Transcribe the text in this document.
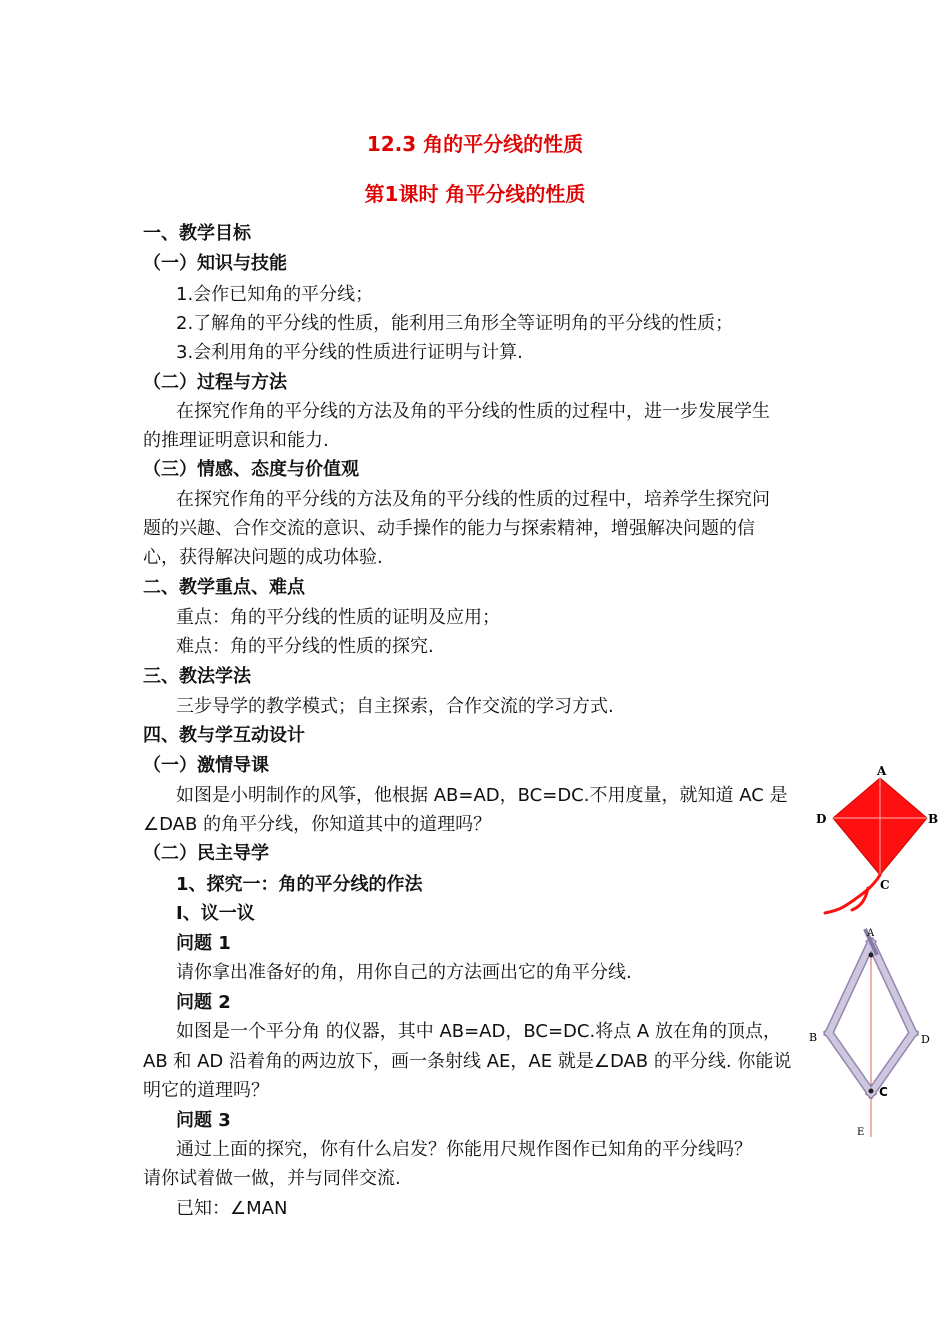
12.3 角的平分线的性质
第1课时 角平分线的性质
一、教学目标
（一）知识与技能
1.会作已知角的平分线；
2.了解角的平分线的性质，能利用三角形全等证明角的平分线的性质；
3.会利用角的平分线的性质进行证明与计算.
（二）过程与方法
在探究作角的平分线的方法及角的平分线的性质的过程中，进一步发展学生
的推理证明意识和能力.
（三）情感、态度与价值观
在探究作角的平分线的方法及角的平分线的性质的过程中，培养学生探究问
题的兴趣、合作交流的意识、动手操作的能力与探索精神，增强解决问题的信
心，获得解决问题的成功体验.
二、教学重点、难点
重点：角的平分线的性质的证明及应用；
难点：角的平分线的性质的探究.
三、教法学法
三步导学的教学模式；自主探索，合作交流的学习方式.
四、教与学互动设计
（一）激情导课
如图是小明制作的风筝，他根据 AB=AD，BC=DC.不用度量，就知道 AC 是
∠DAB 的角平分线，你知道其中的道理吗？
（二）民主导学
1、探究一：角的平分线的作法
I、议一议
问题 1
请你拿出准备好的角，用你自己的方法画出它的角平分线.
问题 2
如图是一个平分角 的仪器，其中 AB=AD，BC=DC.将点 A 放在角的顶点，
AB 和 AD 沿着角的两边放下，画一条射线 AE，AE 就是∠DAB 的平分线. 你能说
明它的道理吗？
问题 3
通过上面的探究，你有什么启发？你能用尺规作图作已知角的平分线吗？
请你试着做一做，并与同伴交流.
已知：∠MAN
A
B
C
D
A
B
C
D
E
